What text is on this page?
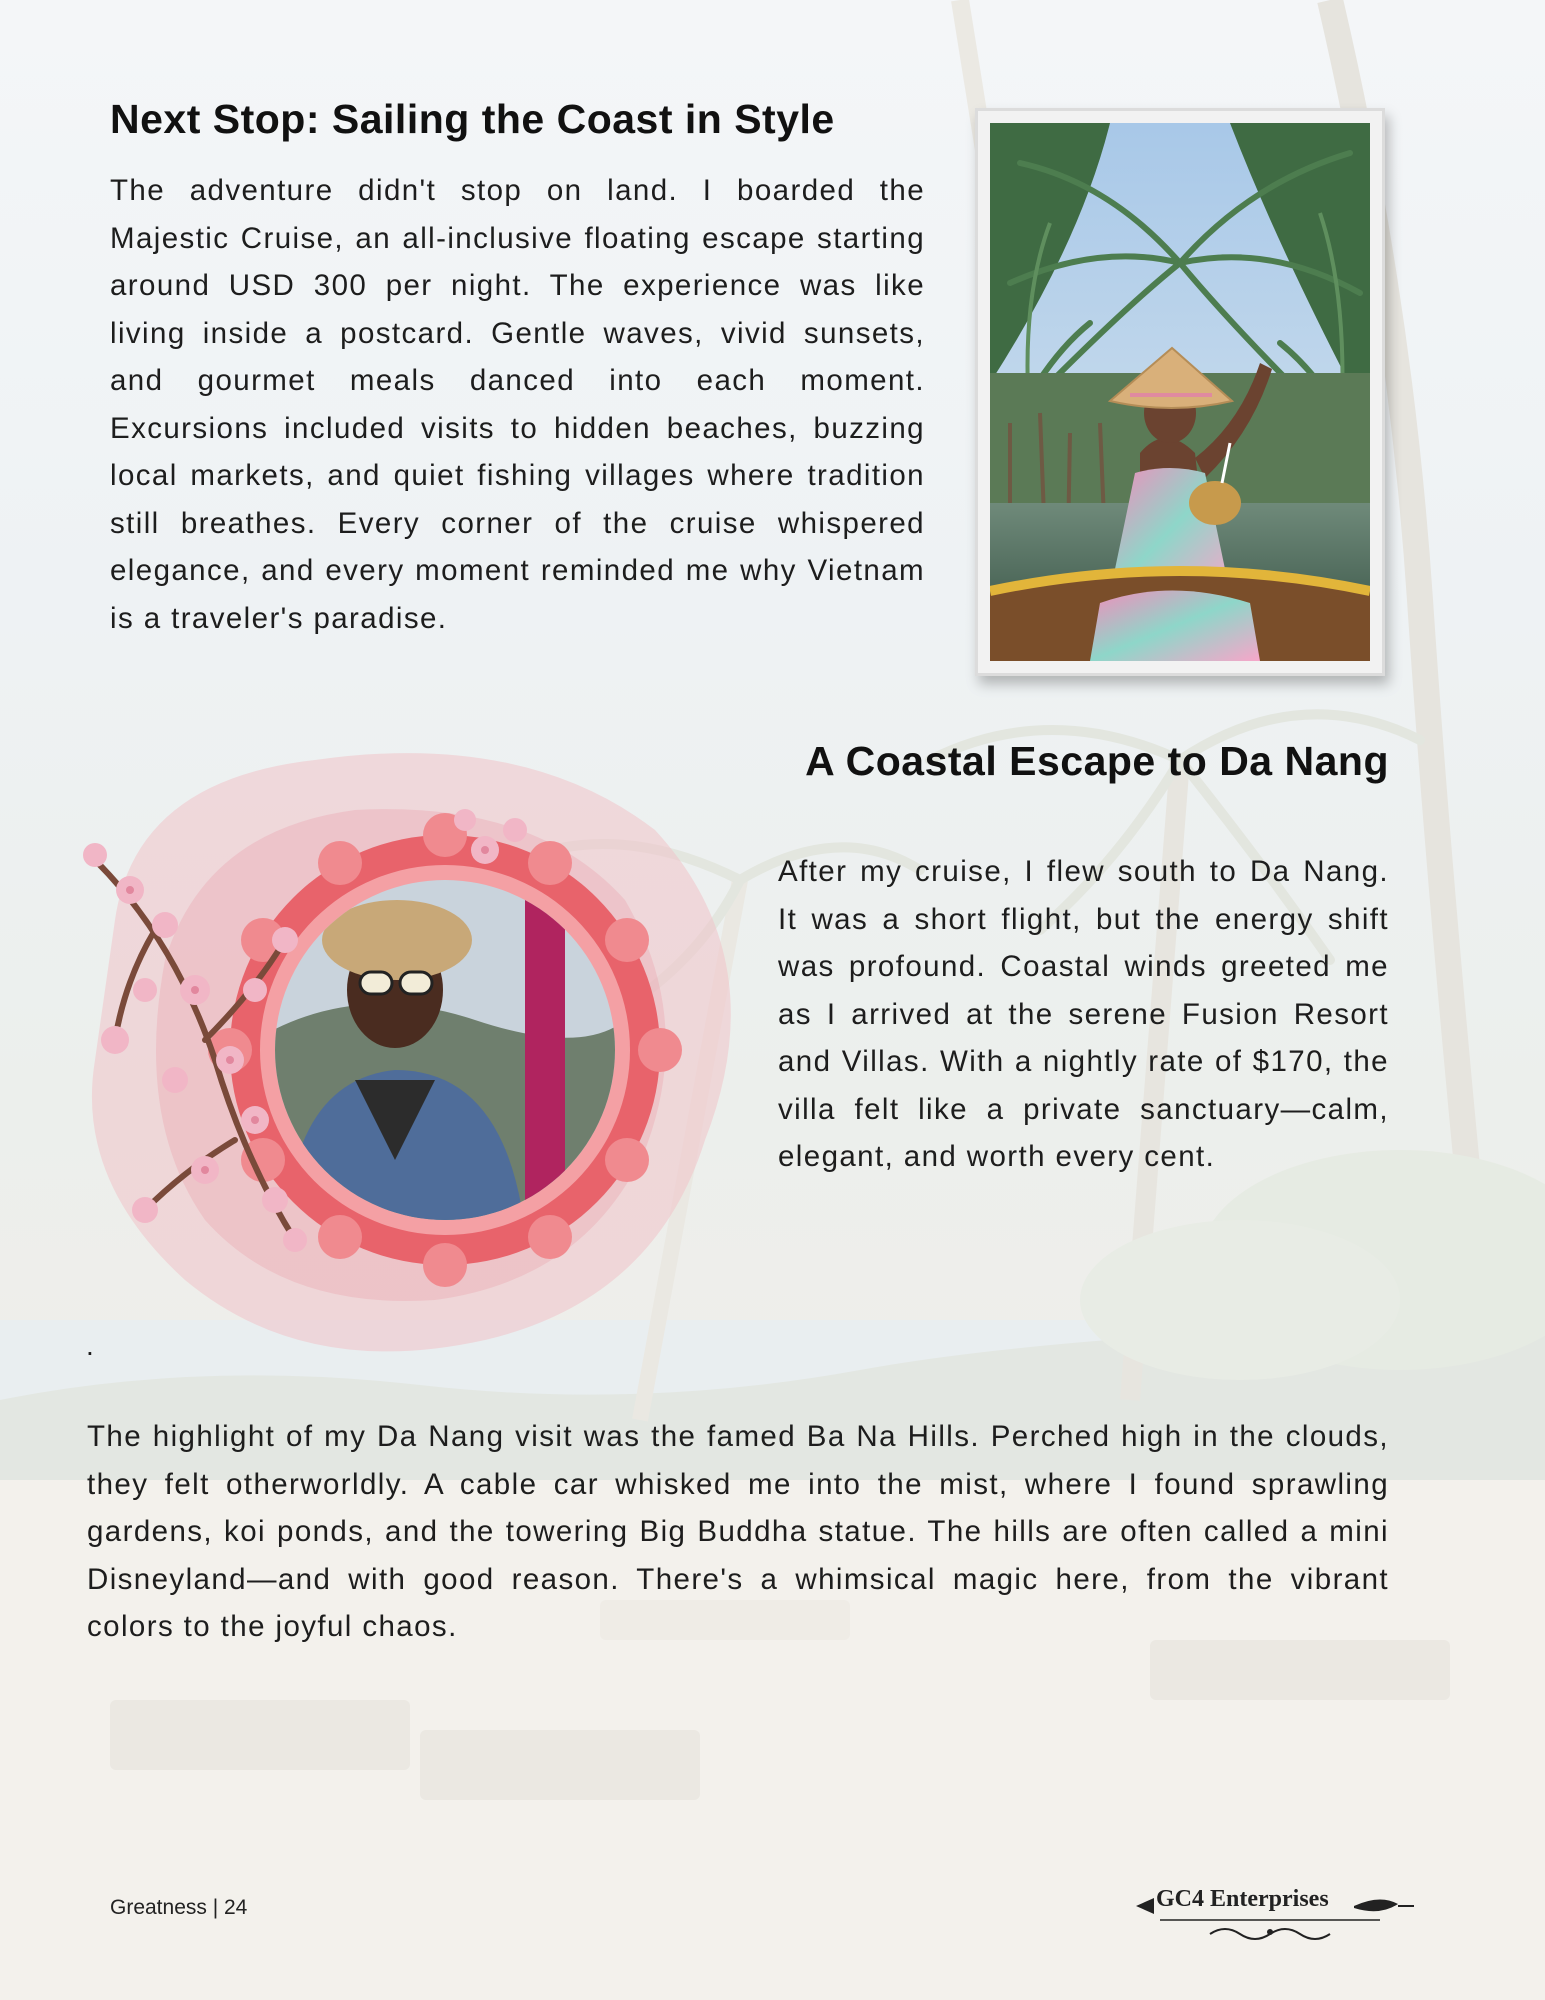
Next Stop: Sailing the Coast in Style

The adventure didn't stop on land. I boarded the Majestic Cruise, an all-inclusive floating escape starting around USD 300 per night. The experience was like living inside a postcard. Gentle waves, vivid sunsets, and gourmet meals danced into each moment. Excursions included visits to hidden beaches, buzzing local markets, and quiet fishing villages where tradition still breathes. Every corner of the cruise whispered elegance, and every moment reminded me why Vietnam is a traveler's paradise.

A Coastal Escape to Da Nang

After my cruise, I flew south to Da Nang. It was a short flight, but the energy shift was profound. Coastal winds greeted me as I arrived at the serene Fusion Resort and Villas. With a nightly rate of $170, the villa felt like a private sanctuary—calm, elegant, and worth every cent.

.

The highlight of my Da Nang visit was the famed Ba Na Hills. Perched high in the clouds, they felt otherworldly. A cable car whisked me into the mist, where I found sprawling gardens, koi ponds, and the towering Big Buddha statue. The hills are often called a mini Disneyland—and with good reason. There's a whimsical magic here, from the vibrant colors to the joyful chaos.

Greatness | 24	GC4 Enterprises
